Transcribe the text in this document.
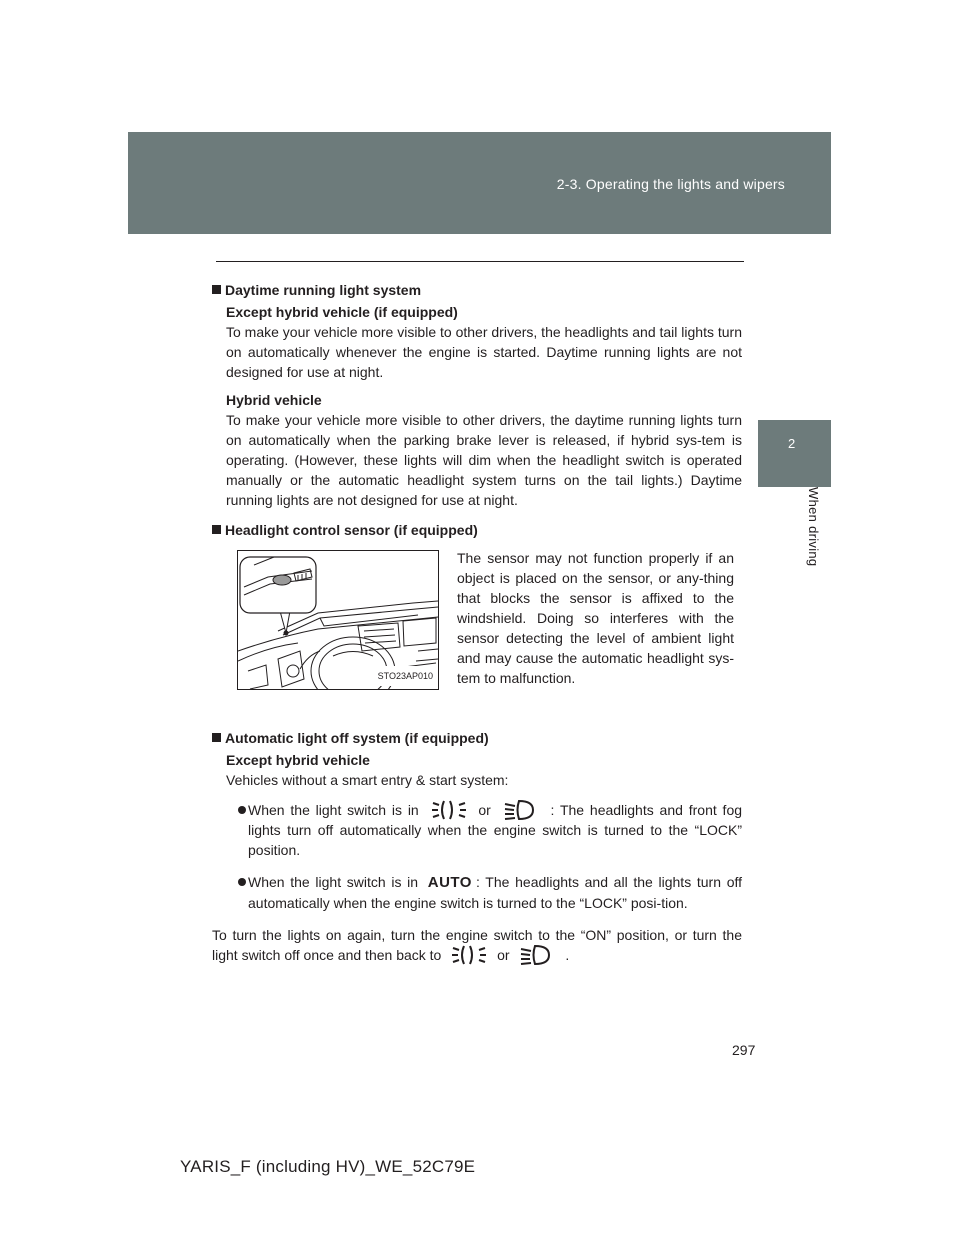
2-3. Operating the lights and wipers
2
When driving
Daytime running light system
Except hybrid vehicle (if equipped)

To make your vehicle more visible to other drivers, the headlights and tail lights turn on automatically whenever the engine is started. Daytime running lights are not designed for use at night.

Hybrid vehicle

To make your vehicle more visible to other drivers, the daytime running lights turn on automatically when the parking brake lever is released, if hybrid sys-tem is operating. (However, these lights will dim when the headlight switch is operated manually or the automatic headlight system turns on the tail lights.) Daytime running lights are not designed for use at night.

Headlight control sensor (if equipped)
STO23AP010

The sensor may not function properly if an object is placed on the sensor, or any-thing that blocks the sensor is affixed to the windshield. Doing so interferes with the sensor detecting the level of ambient light and may cause the automatic headlight sys-tem to malfunction.

Automatic light off system (if equipped)
Except hybrid vehicle

Vehicles without a smart entry & start system:

When the light switch is in	or	: The headlights and front fog lights turn off automatically when the engine switch is turned to the “LOCK” position.
When the light switch is in AUTO : The headlights and all the lights turn off automatically when the engine switch is turned to the “LOCK” posi-tion.

To turn the lights on again, turn the engine switch to the “ON” position, or turn the light switch off once and then back to	or	.

297
YARIS_F (including HV)_WE_52C79E
